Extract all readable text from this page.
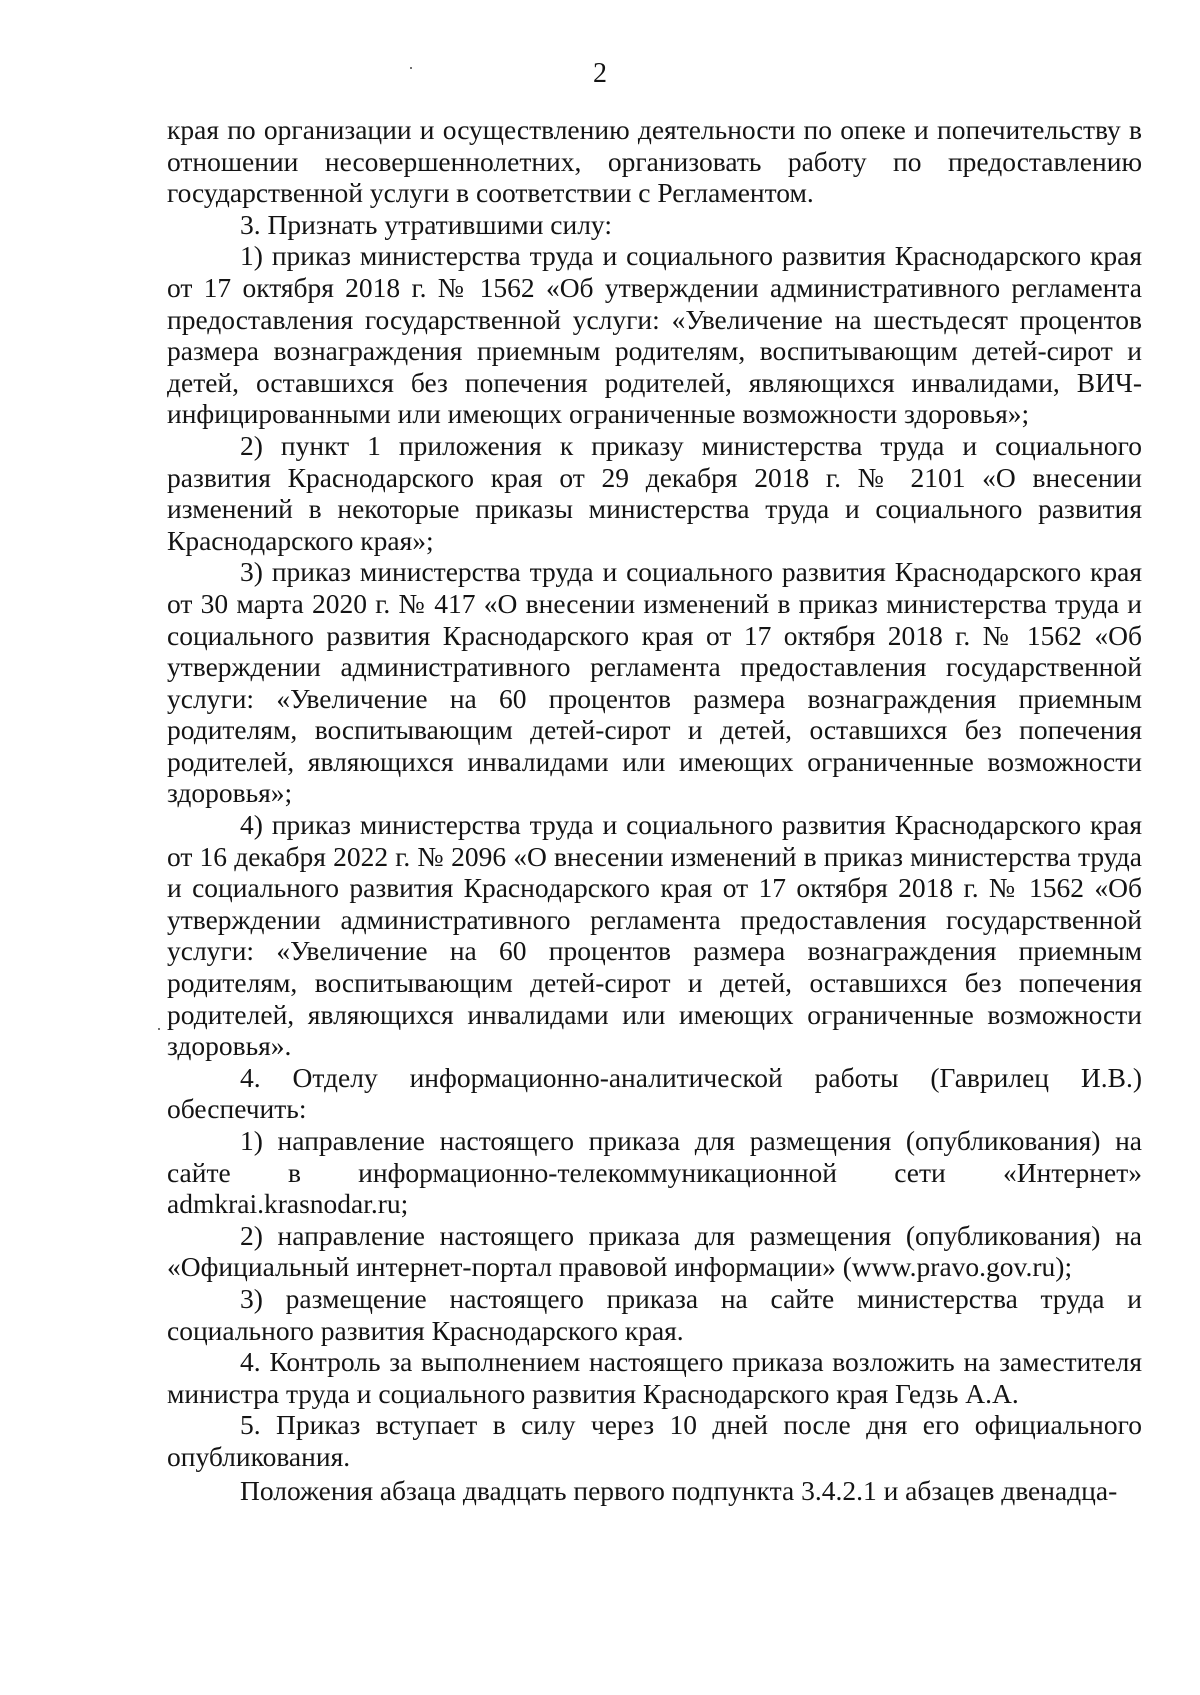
2

края по организации и осуществлению деятельности по опеке и попечительству в отношении несовершеннолетних, организовать работу по предоставлению государственной услуги в соответствии с Регламентом.

3. Признать утратившими силу:

1) приказ министерства труда и социального развития Краснодарского края от 17 октября 2018 г. № 1562 «Об утверждении административного регламента предоставления государственной услуги: «Увеличение на шестьдесят процентов размера вознаграждения приемным родителям, воспитывающим детей-сирот и детей, оставшихся без попечения родителей, являющихся инвалидами, ВИЧ-инфицированными или имеющих ограниченные возможности здоровья»;

2) пункт 1 приложения к приказу министерства труда и социального развития Краснодарского края от 29 декабря 2018 г. № 2101 «О внесении изменений в некоторые приказы министерства труда и социального развития Краснодарского края»;

3) приказ министерства труда и социального развития Краснодарского края от 30 марта 2020 г. № 417 «О внесении изменений в приказ министерства труда и социального развития Краснодарского края от 17 октября 2018 г. № 1562 «Об утверждении административного регламента предоставления государственной услуги: «Увеличение на 60 процентов размера вознаграждения приемным родителям, воспитывающим детей-сирот и детей, оставшихся без попечения родителей, являющихся инвалидами или имеющих ограниченные возможности здоровья»;

4) приказ министерства труда и социального развития Краснодарского края от 16 декабря 2022 г. № 2096 «О внесении изменений в приказ министерства труда и социального развития Краснодарского края от 17 октября 2018 г. № 1562 «Об утверждении административного регламента предоставления государственной услуги: «Увеличение на 60 процентов размера вознаграждения приемным родителям, воспитывающим детей-сирот и детей, оставшихся без попечения родителей, являющихся инвалидами или имеющих ограниченные возможности здоровья».

4. Отделу информационно-аналитической работы (Гаврилец И.В.) обеспечить:

1) направление настоящего приказа для размещения (опубликования) на сайте в информационно-телекоммуникационной сети «Интернет» admkrai.krasnodar.ru;

2) направление настоящего приказа для размещения (опубликования) на «Официальный интернет-портал правовой информации» (www.pravo.gov.ru);

3) размещение настоящего приказа на сайте министерства труда и социального развития Краснодарского края.

4. Контроль за выполнением настоящего приказа возложить на заместителя министра труда и социального развития Краснодарского края Гедзь А.А.

5. Приказ вступает в силу через 10 дней после дня его официального опубликования.

Положения абзаца двадцать первого подпункта 3.4.2.1 и абзацев двенадца-
